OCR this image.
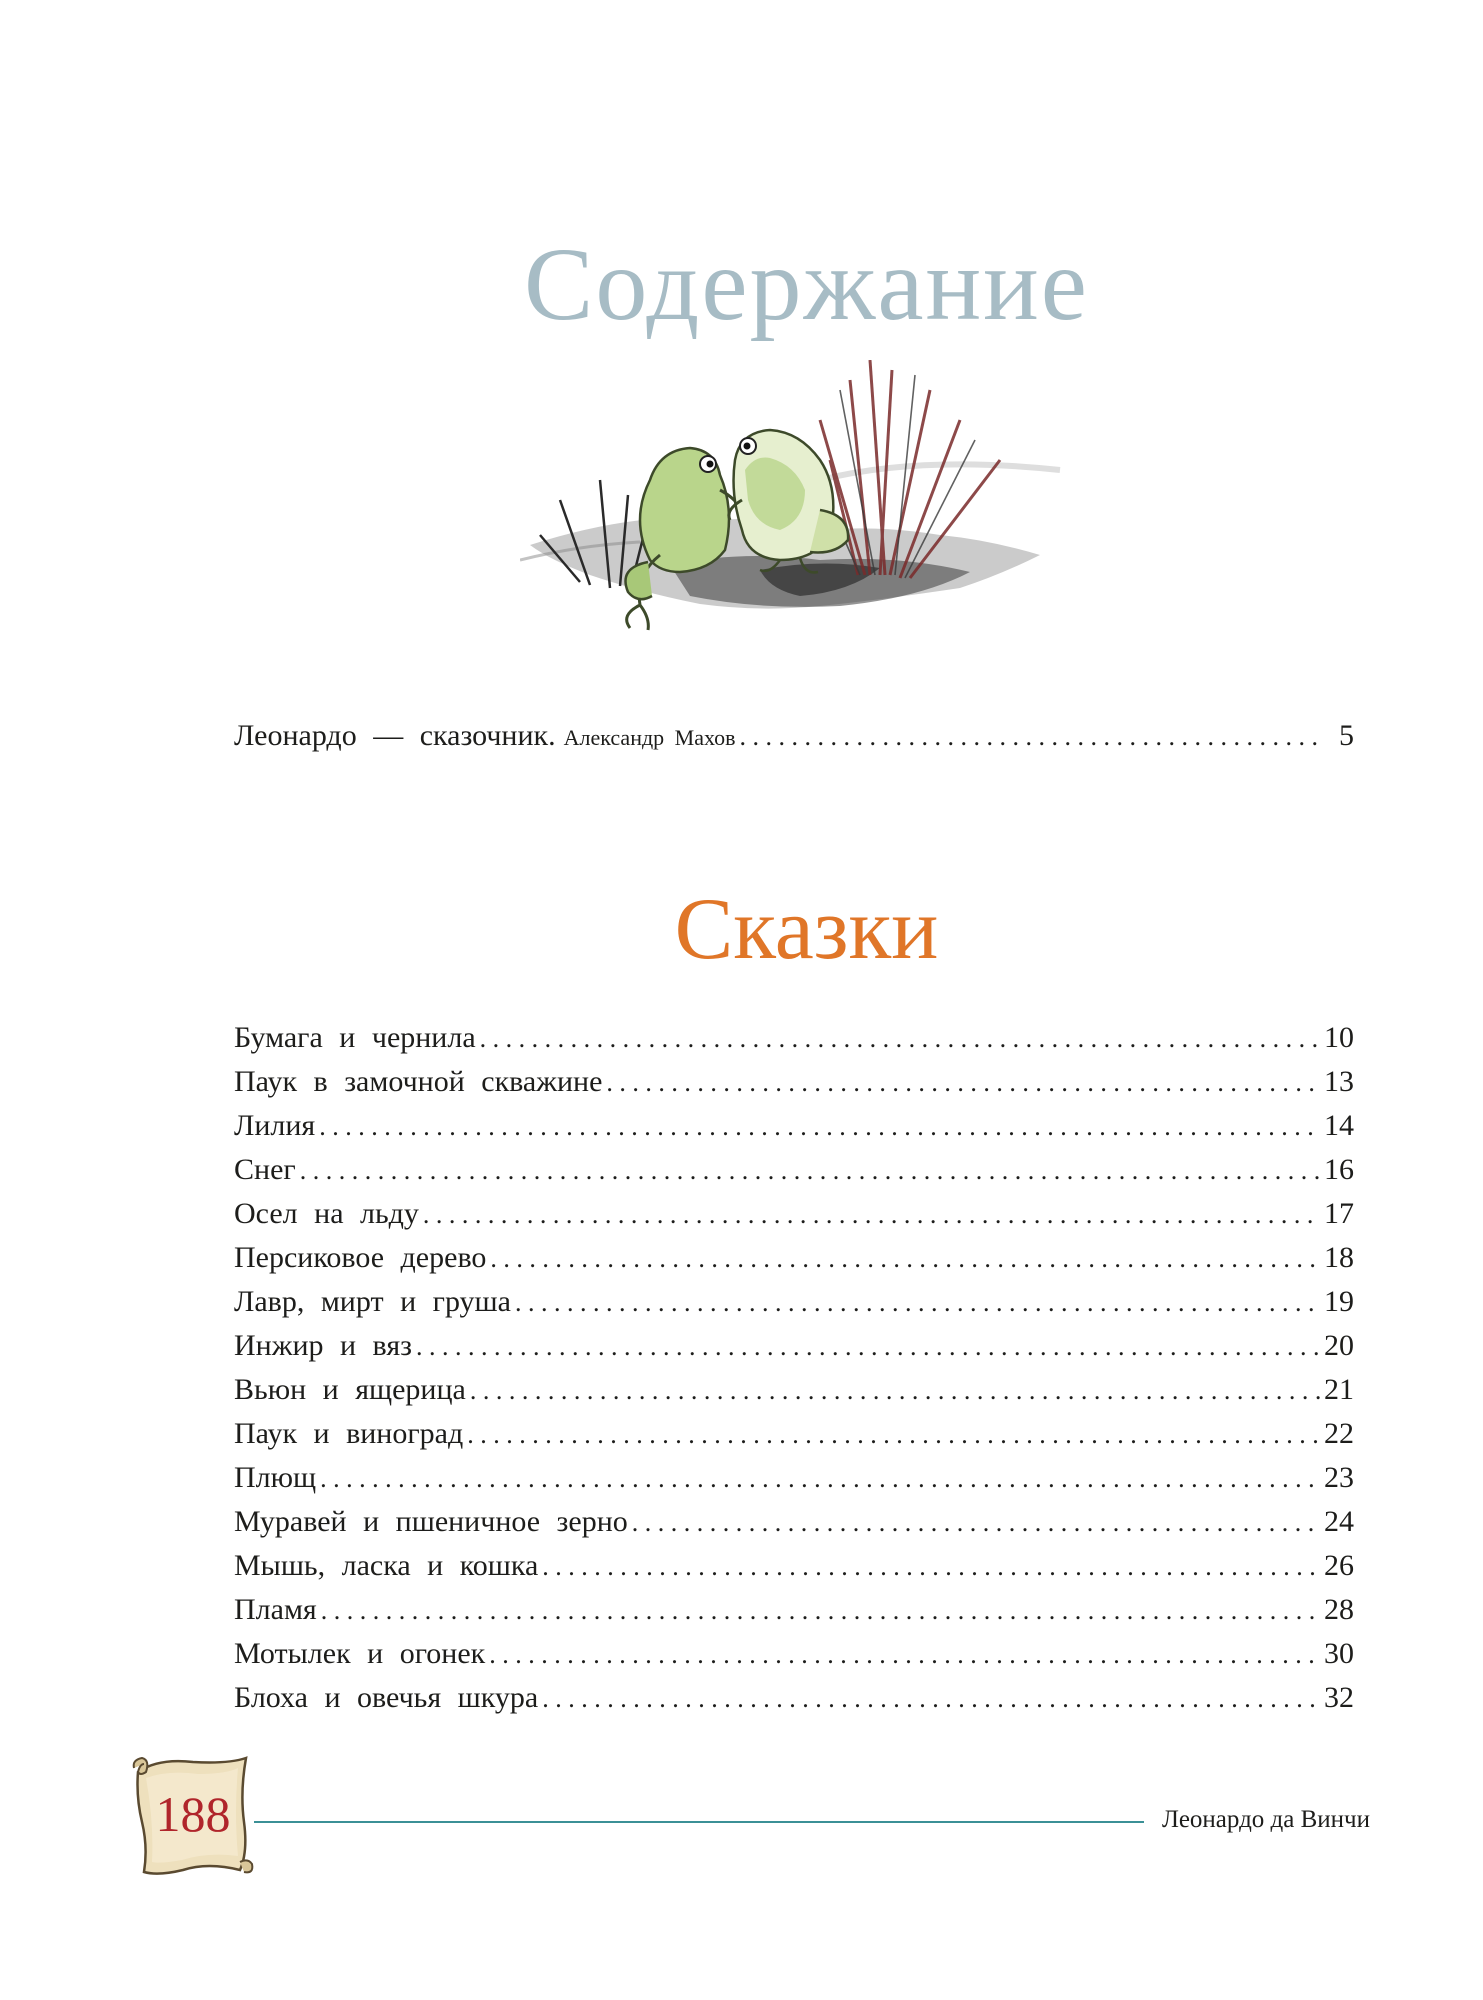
Содержание
Леонардо — сказочник. Александр Махов . . .	5
Сказки
Бумага и чернила . . .	10
Паук в замочной скважине . . .	13
Лилия . . .	14
Снег . . .	16
Осел на льду . . .	17
Персиковое дерево . . .	18
Лавр, мирт и груша . . .	19
Инжир и вяз . . .	20
Вьюн и ящерица . . .	21
Паук и виноград . . .	22
Плющ . . .	23
Муравей и пшеничное зерно . . .	24
Мышь, ласка и кошка . . .	26
Пламя . . .	28
Мотылек и огонек . . .	30
Блоха и овечья шкура . . .	32
188	Леонардо да Винчи
